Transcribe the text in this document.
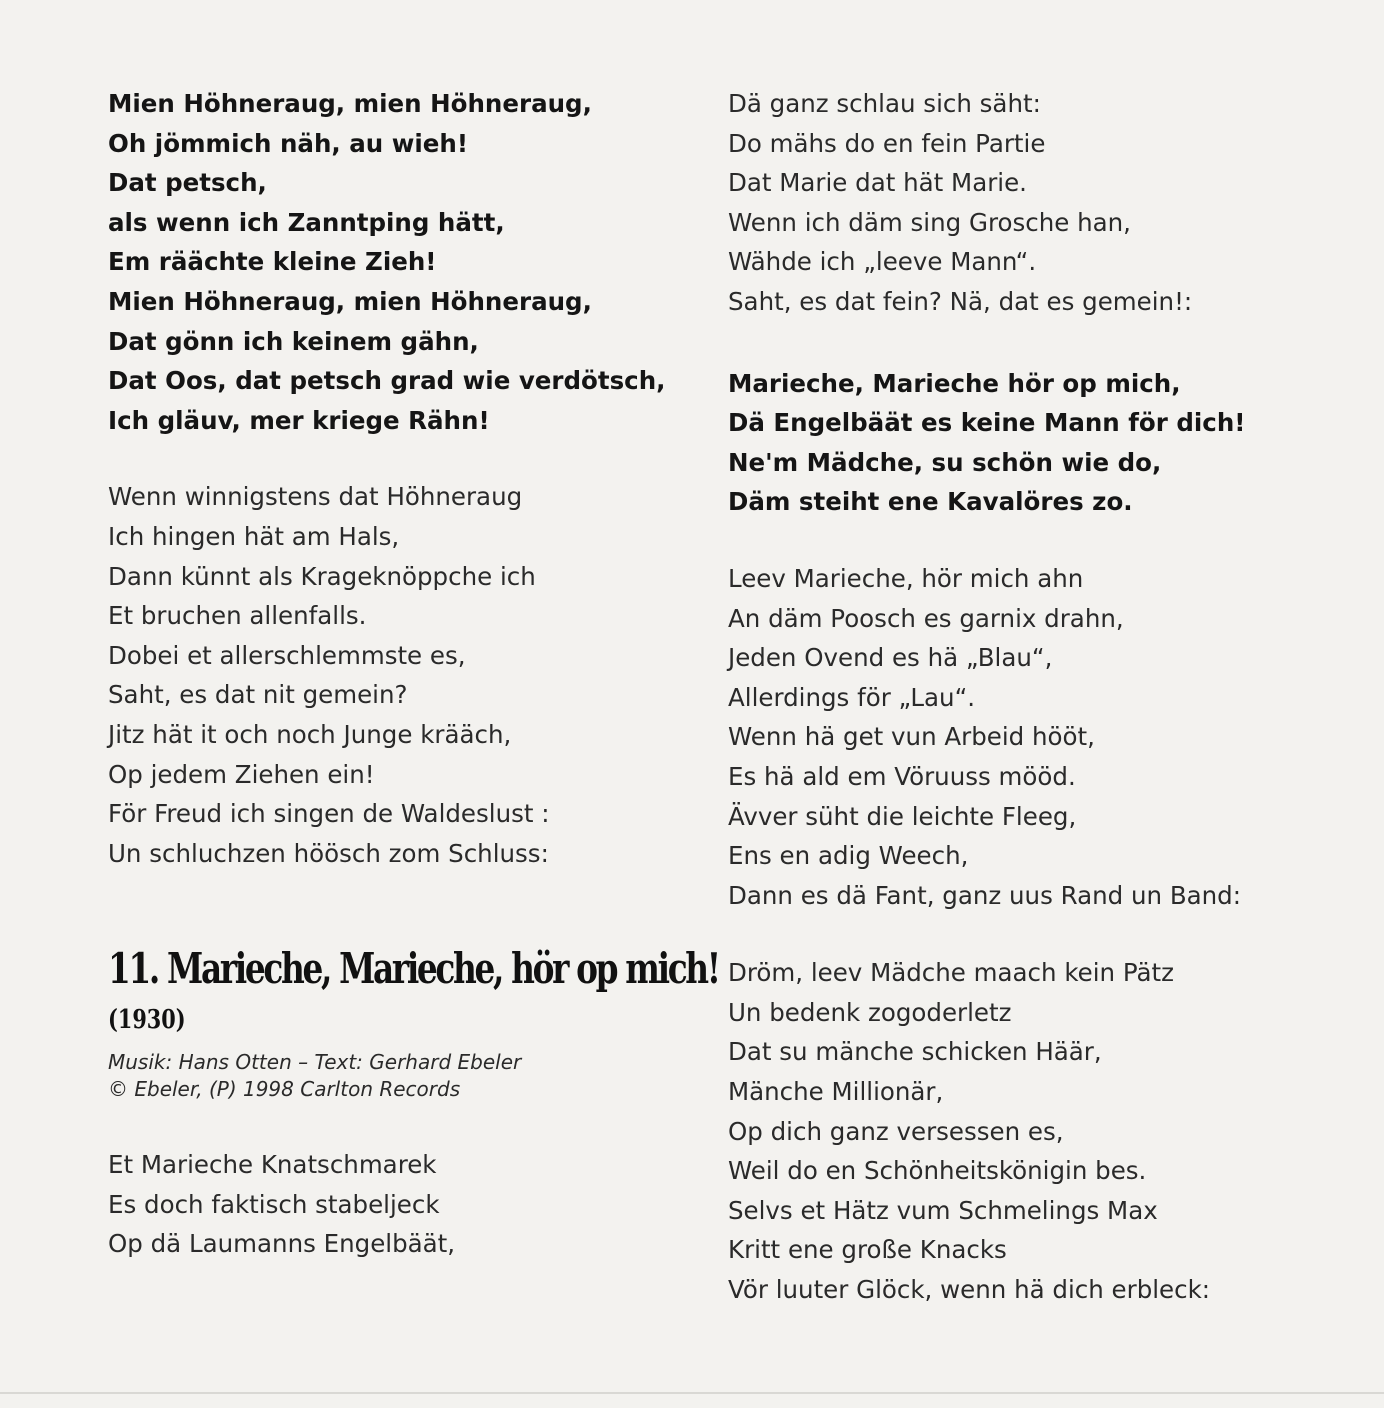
Mien Höhneraug, mien Höhneraug,
Oh jömmich näh, au wieh!
Dat petsch,
als wenn ich Zanntping hätt,
Em räächte kleine Zieh!
Mien Höhneraug, mien Höhneraug,
Dat gönn ich keinem gähn,
Dat Oos, dat petsch grad wie verdötsch,
Ich gläuv, mer kriege Rähn!
Wenn winnigstens dat Höhneraug
Ich hingen hät am Hals,
Dann künnt als Krageknöppche ich
Et bruchen allenfalls.
Dobei et allerschlemmste es,
Saht, es dat nit gemein?
Jitz hät it och noch Junge krääch,
Op jedem Ziehen ein!
För Freud ich singen de Waldeslust :
Un schluchzen höösch zom Schluss:
11. Marieche, Marieche, hör op mich!
(1930)
Musik: Hans Otten – Text: Gerhard Ebeler
© Ebeler, (P) 1998 Carlton Records
Et Marieche Knatschmarek
Es doch faktisch stabeljeck
Op dä Laumanns Engelbäät,
Dä ganz schlau sich säht:
Do mähs do en fein Partie
Dat Marie dat hät Marie.
Wenn ich däm sing Grosche han,
Wähde ich „leeve Mann“.
Saht, es dat fein? Nä, dat es gemein!:
Marieche, Marieche hör op mich,
Dä Engelbäät es keine Mann för dich!
Ne'm Mädche, su schön wie do,
Däm steiht ene Kavalöres zo.
Leev Marieche, hör mich ahn
An däm Poosch es garnix drahn,
Jeden Ovend es hä „Blau“,
Allerdings för „Lau“.
Wenn hä get vun Arbeid hööt,
Es hä ald em Vöruuss mööd.
Ävver süht die leichte Fleeg,
Ens en adig Weech,
Dann es dä Fant, ganz uus Rand un Band:
Dröm, leev Mädche maach kein Pätz
Un bedenk zogoderletz
Dat su mänche schicken Häär,
Mänche Millionär,
Op dich ganz versessen es,
Weil do en Schönheitskönigin bes.
Selvs et Hätz vum Schmelings Max
Kritt ene große Knacks
Vör luuter Glöck, wenn hä dich erbleck:
